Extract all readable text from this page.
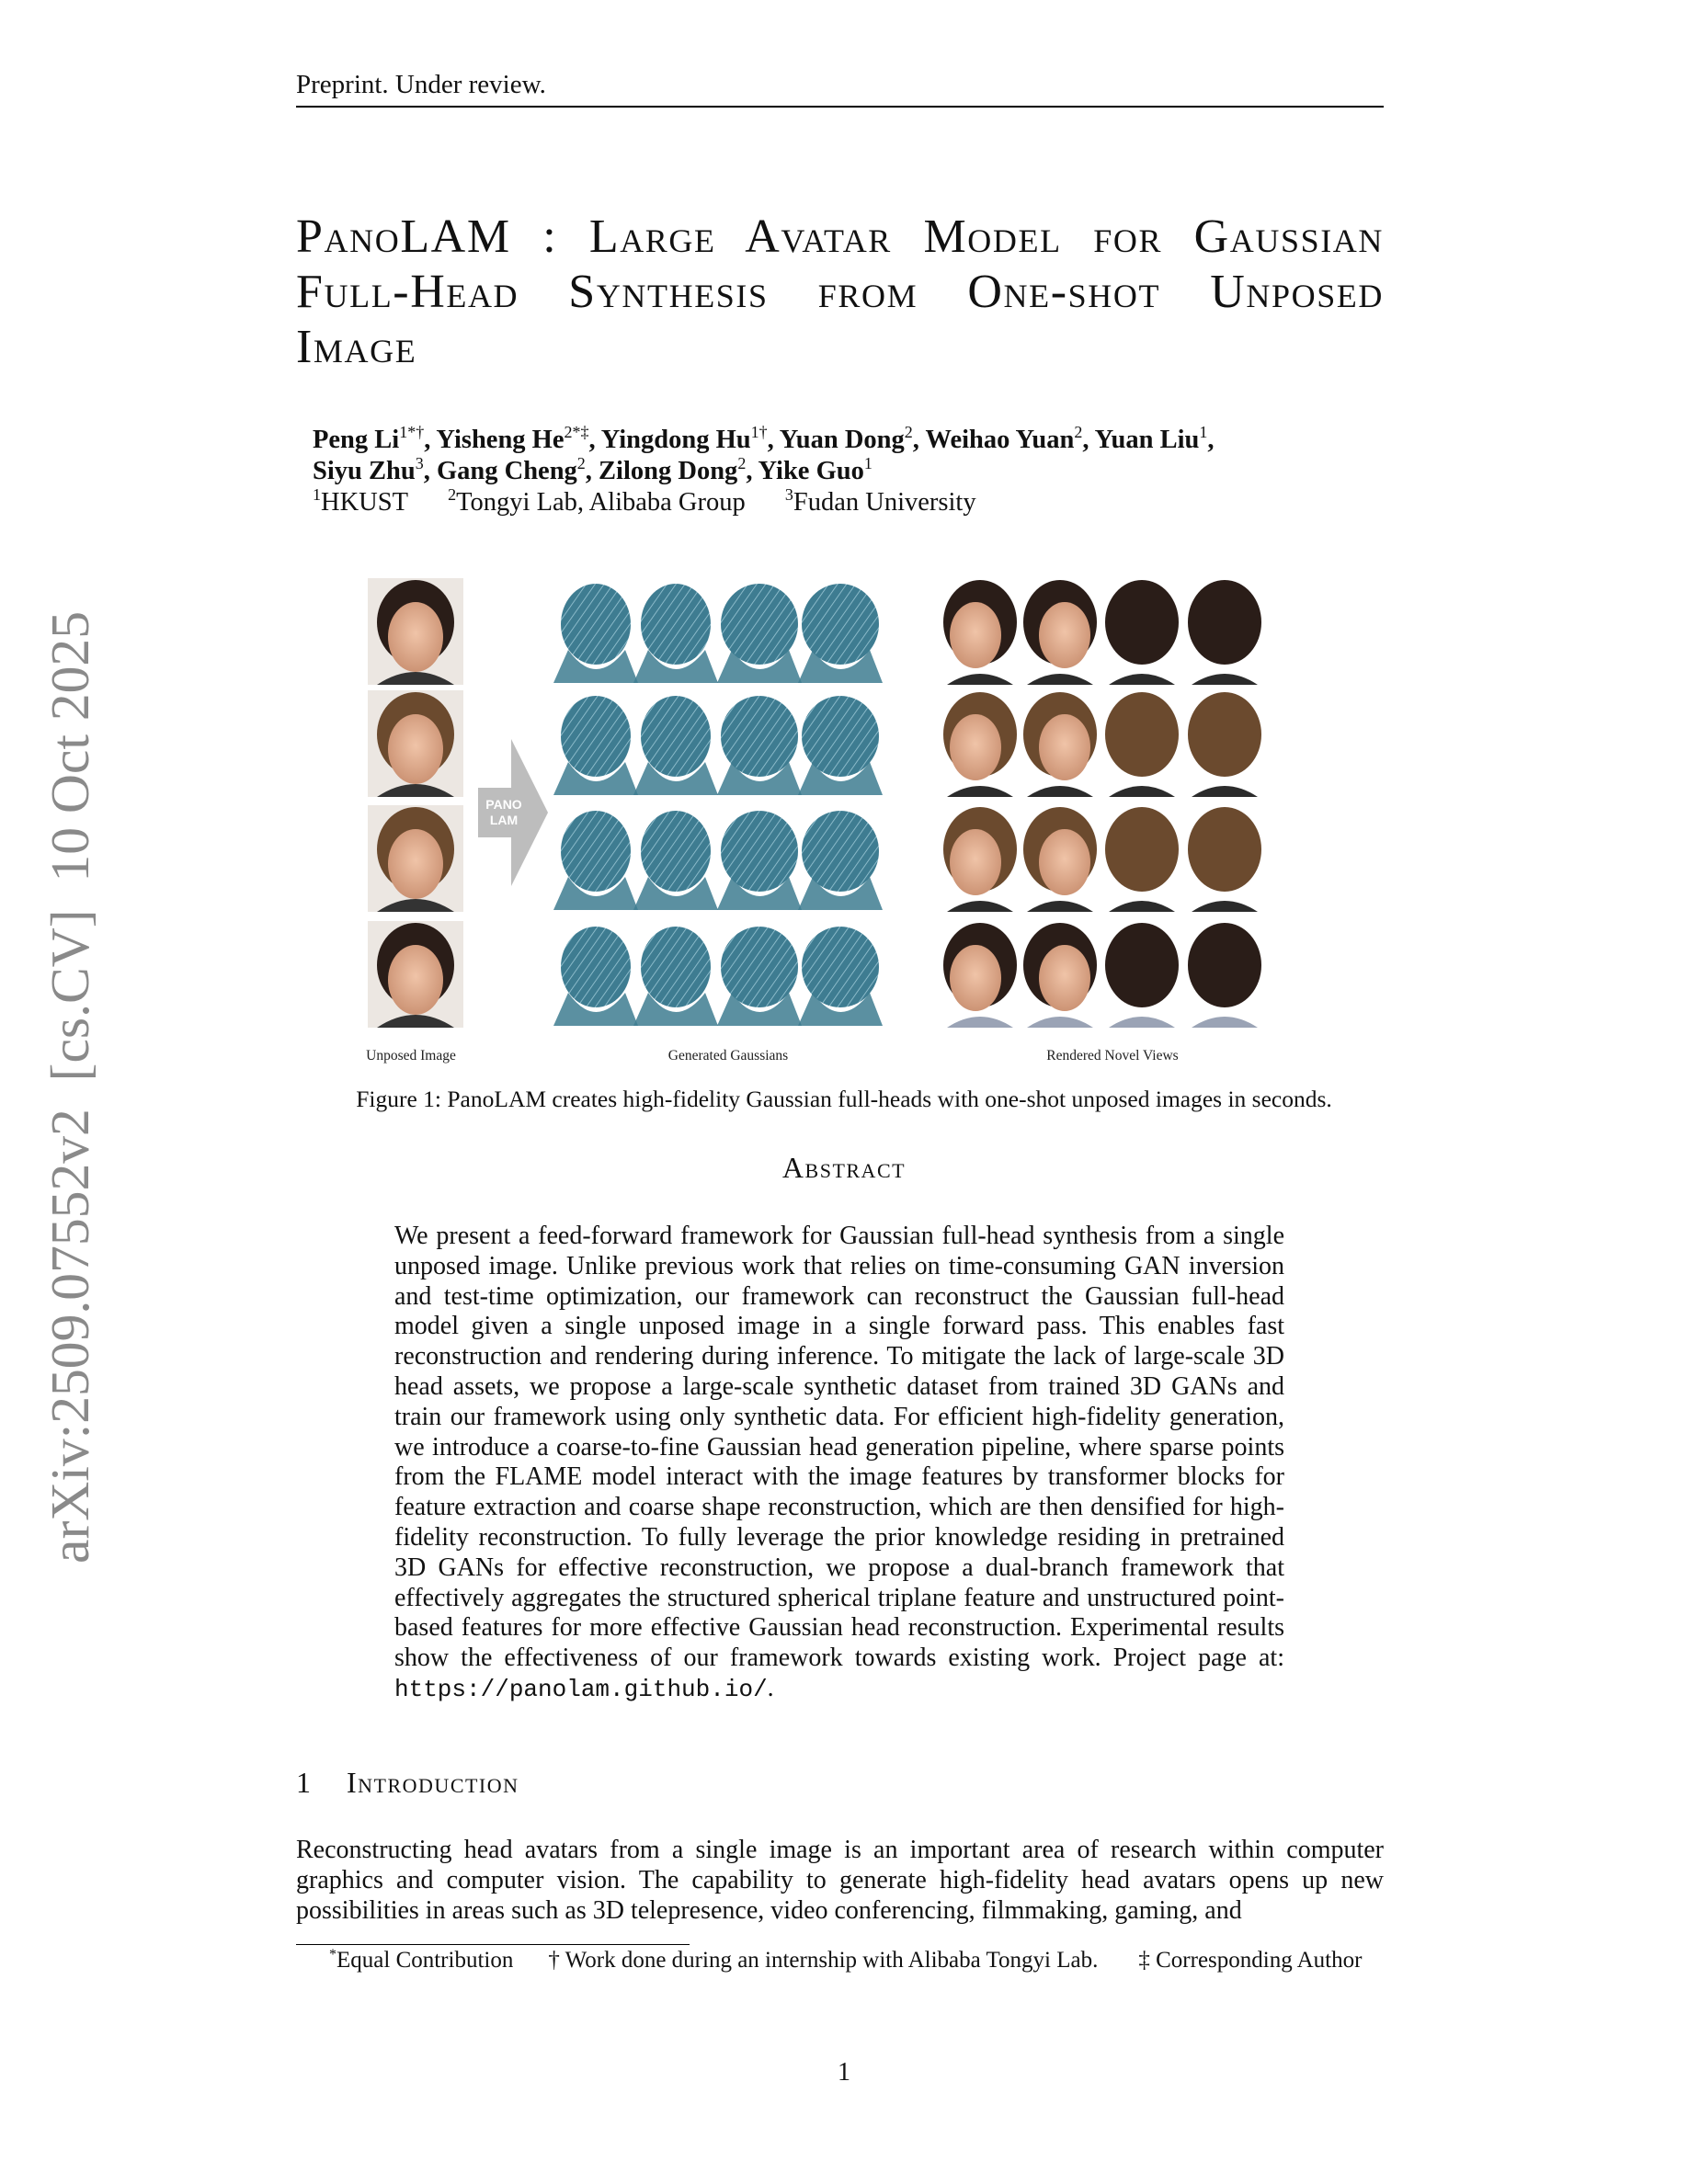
Preprint. Under review.
arXiv:2509.07552v2  [cs.CV]  10 Oct 2025
PanoLAM : Large Avatar Model for Gaussian
Full-Head Synthesis from One-shot Unposed
Image
Peng $Li^{1*\dagger}$, Yisheng $He^{2*\ddagger}$, Yingdong $Hu^{1\dagger}$, Yuan Dong$^2$, Weihao Yuan$^2$, Yuan Liu$^1$,
Siyu Zhu$^3$, Gang Cheng$^2$, Zilong Dong$^2$, Yike Guo$^1$
$^1$HKUST $^2$Tongyi Lab, Alibaba Group $^3$Fudan University
PANO
LAM
Unposed Image	Generated Gaussians	Rendered Novel Views
Figure 1: PanoLAM creates high-fidelity Gaussian full-heads with one-shot unposed images in seconds.
Abstract
We present a feed-forward framework for Gaussian full-head synthesis from a single unposed image. Unlike previous work that relies on time-consuming GAN inversion and test-time optimization, our framework can reconstruct the Gaussian full-head model given a single unposed image in a single forward pass. This enables fast reconstruction and rendering during inference. To mitigate the lack of large-scale 3D head assets, we propose a large-scale synthetic dataset from trained 3D GANs and train our framework using only synthetic data. For efficient high-fidelity generation, we introduce a coarse-to-fine Gaussian head generation pipeline, where sparse points from the FLAME model interact with the image features by transformer blocks for feature extraction and coarse shape reconstruction, which are then densified for high-fidelity reconstruction. To fully leverage the prior knowledge residing in pretrained 3D GANs for effective reconstruction, we propose a dual-branch framework that effectively aggregates the structured spherical triplane feature and unstructured point-based features for more effective Gaussian head reconstruction. Experimental results show the effectiveness of our framework towards existing work. Project page at: https://panolam.github.io/.
1 Introduction
Reconstructing head avatars from a single image is an important area of research within computer graphics and computer vision. The capability to generate high-fidelity head avatars opens up new possibilities in areas such as 3D telepresence, video conferencing, filmmaking, gaming, and
*Equal Contribution † Work done during an internship with Alibaba Tongyi Lab. ‡ Corresponding Author
1
